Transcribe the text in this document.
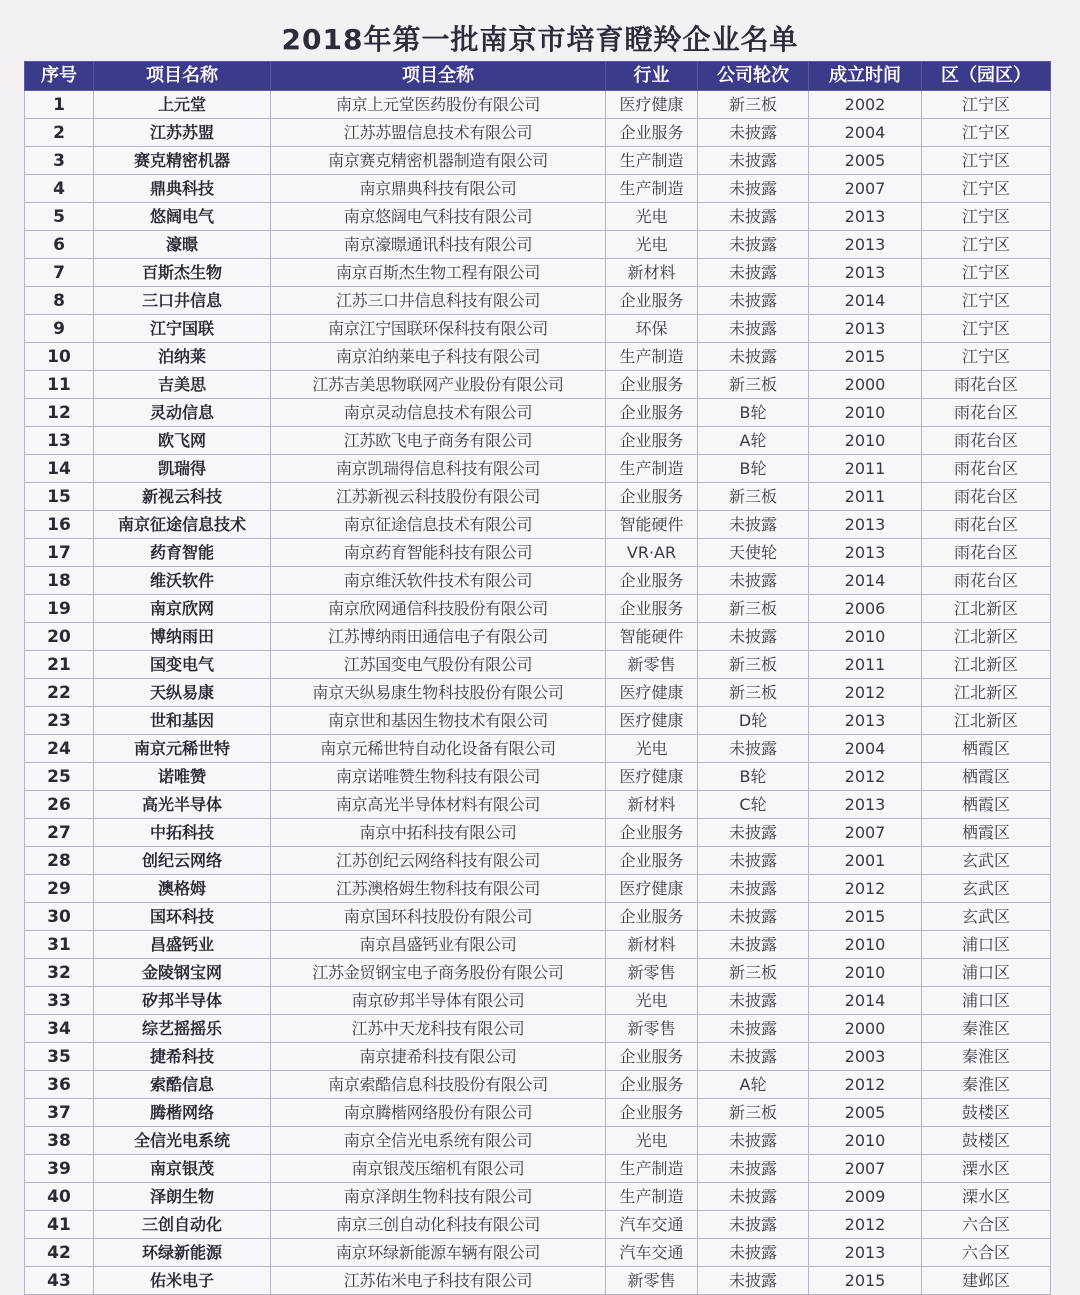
2018年第一批南京市培育瞪羚企业名单
序号	项目名称	项目全称	行业	公司轮次	成立时间	区（园区）
1	上元堂	南京上元堂医药股份有限公司	医疗健康	新三板	2002	江宁区
2	江苏苏盟	江苏苏盟信息技术有限公司	企业服务	未披露	2004	江宁区
3	赛克精密机器	南京赛克精密机器制造有限公司	生产制造	未披露	2005	江宁区
4	鼎典科技	南京鼎典科技有限公司	生产制造	未披露	2007	江宁区
5	悠阔电气	南京悠阔电气科技有限公司	光电	未披露	2013	江宁区
6	濠暻	南京濠暻通讯科技有限公司	光电	未披露	2013	江宁区
7	百斯杰生物	南京百斯杰生物工程有限公司	新材料	未披露	2013	江宁区
8	三口井信息	江苏三口井信息科技有限公司	企业服务	未披露	2014	江宁区
9	江宁国联	南京江宁国联环保科技有限公司	环保	未披露	2013	江宁区
10	泊纳莱	南京泊纳莱电子科技有限公司	生产制造	未披露	2015	江宁区
11	吉美思	江苏吉美思物联网产业股份有限公司	企业服务	新三板	2000	雨花台区
12	灵动信息	南京灵动信息技术有限公司	企业服务	B轮	2010	雨花台区
13	欧飞网	江苏欧飞电子商务有限公司	企业服务	A轮	2010	雨花台区
14	凯瑞得	南京凯瑞得信息科技有限公司	生产制造	B轮	2011	雨花台区
15	新视云科技	江苏新视云科技股份有限公司	企业服务	新三板	2011	雨花台区
16	南京征途信息技术	南京征途信息技术有限公司	智能硬件	未披露	2013	雨花台区
17	药育智能	南京药育智能科技有限公司	VR·AR	天使轮	2013	雨花台区
18	维沃软件	南京维沃软件技术有限公司	企业服务	未披露	2014	雨花台区
19	南京欣网	南京欣网通信科技股份有限公司	企业服务	新三板	2006	江北新区
20	博纳雨田	江苏博纳雨田通信电子有限公司	智能硬件	未披露	2010	江北新区
21	国变电气	江苏国变电气股份有限公司	新零售	新三板	2011	江北新区
22	天纵易康	南京天纵易康生物科技股份有限公司	医疗健康	新三板	2012	江北新区
23	世和基因	南京世和基因生物技术有限公司	医疗健康	D轮	2013	江北新区
24	南京元稀世特	南京元稀世特自动化设备有限公司	光电	未披露	2004	栖霞区
25	诺唯赞	南京诺唯赞生物科技有限公司	医疗健康	B轮	2012	栖霞区
26	高光半导体	南京高光半导体材料有限公司	新材料	C轮	2013	栖霞区
27	中拓科技	南京中拓科技有限公司	企业服务	未披露	2007	栖霞区
28	创纪云网络	江苏创纪云网络科技有限公司	企业服务	未披露	2001	玄武区
29	澳格姆	江苏澳格姆生物科技有限公司	医疗健康	未披露	2012	玄武区
30	国环科技	南京国环科技股份有限公司	企业服务	未披露	2015	玄武区
31	昌盛钙业	南京昌盛钙业有限公司	新材料	未披露	2010	浦口区
32	金陵钢宝网	江苏金贸钢宝电子商务股份有限公司	新零售	新三板	2010	浦口区
33	矽邦半导体	南京矽邦半导体有限公司	光电	未披露	2014	浦口区
34	综艺摇摇乐	江苏中天龙科技有限公司	新零售	未披露	2000	秦淮区
35	捷希科技	南京捷希科技有限公司	企业服务	未披露	2003	秦淮区
36	索酷信息	南京索酷信息科技股份有限公司	企业服务	A轮	2012	秦淮区
37	腾楷网络	南京腾楷网络股份有限公司	企业服务	新三板	2005	鼓楼区
38	全信光电系统	南京全信光电系统有限公司	光电	未披露	2010	鼓楼区
39	南京银茂	南京银茂压缩机有限公司	生产制造	未披露	2007	溧水区
40	泽朗生物	南京泽朗生物科技有限公司	生产制造	未披露	2009	溧水区
41	三创自动化	南京三创自动化科技有限公司	汽车交通	未披露	2012	六合区
42	环绿新能源	南京环绿新能源车辆有限公司	汽车交通	未披露	2013	六合区
43	佑米电子	江苏佑米电子科技有限公司	新零售	未披露	2015	建邺区
